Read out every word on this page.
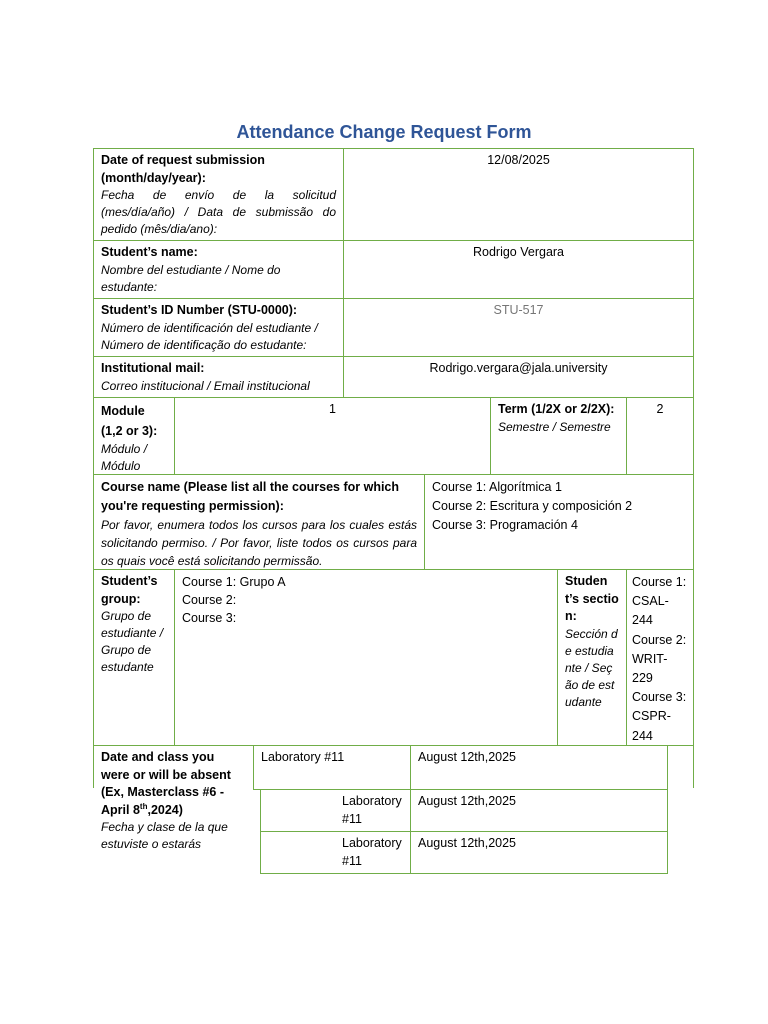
Attendance Change Request Form
Date of request submission (month/day/year):
Fecha de envío de la solicitud (mes/día/año) / Data de submissão do pedido (mês/dia/ano):
12/08/2025
Student’s name:
Nombre del estudiante / Nome do estudante:
Rodrigo Vergara
Student’s ID Number (STU-0000):
Número de identificación del estudiante / Número de identificação do estudante:
STU-517
Institutional mail:
Correo institucional / Email institucional
Rodrigo.vergara@jala.university
Module (1,2 or 3):
Módulo / Módulo
1	Term (1/2X or 2/2X):
Semestre / Semestre
2
Course name (Please list all the courses for which you're requesting permission):
Por favor, enumera todos los cursos para los cuales estás solicitando permiso. / Por favor, liste todos os cursos para os quais você está solicitando permissão.
Course 1: Algorítmica 1
Course 2: Escritura y composición 2
Course 3: Programación 4
Student’s group:
Grupo de estudiante / Grupo de estudante
Course 1: Grupo A
Course 2:
Course 3:
Student’s section:
Sección de estudiante / Seção de estudante
Course 1: CSAL-244
Course 2: WRIT-229
Course 3: CSPR-244
Date and class you were or will be absent (Ex, Masterclass #6 - April 8th,2024)
Fecha y clase de la que estuviste o estarás
Laboratory #11	August 12th,2025
Laboratory #11
August 12th,2025
Laboratory #11
August 12th,2025
